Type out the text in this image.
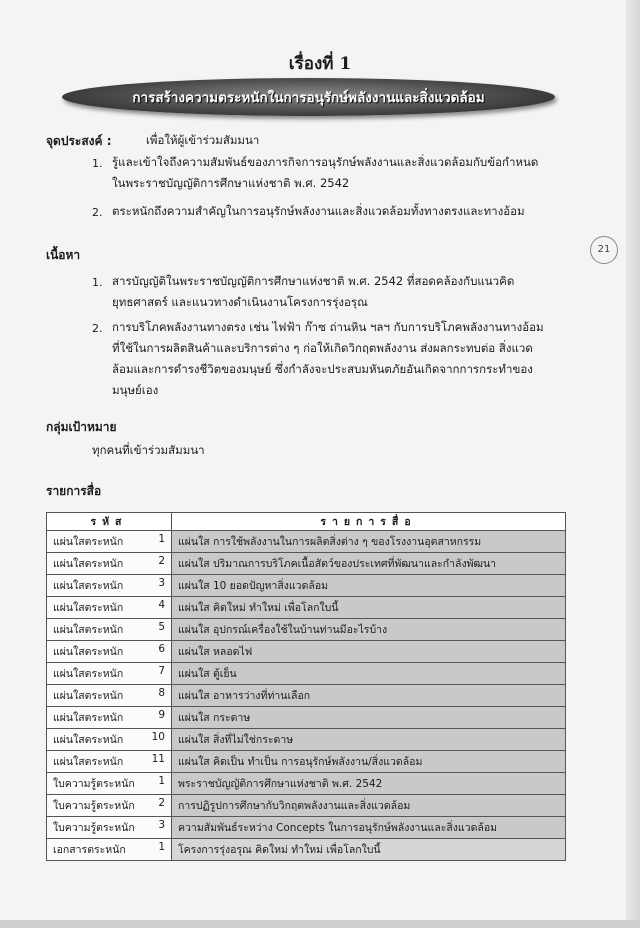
21
เรื่องที่ 1
การสร้างความตระหนักในการอนุรักษ์พลังงานและสิ่งแวดล้อม
จุดประสงค์ :	เพื่อให้ผู้เข้าร่วมสัมมนา
1. รู้และเข้าใจถึงความสัมพันธ์ของภารกิจการอนุรักษ์พลังงานและสิ่งแวดล้อมกับข้อกำหนด
ในพระราชบัญญัติการศึกษาแห่งชาติ พ.ศ. 2542
2. ตระหนักถึงความสำคัญในการอนุรักษ์พลังงานและสิ่งแวดล้อมทั้งทางตรงและทางอ้อม
เนื้อหา
1. สารบัญญัติในพระราชบัญญัติการศึกษาแห่งชาติ พ.ศ. 2542 ที่สอดคล้องกับแนวคิด
ยุทธศาสตร์ และแนวทางดำเนินงานโครงการรุ่งอรุณ
2. การบริโภคพลังงานทางตรง เช่น ไฟฟ้า ก๊าซ ถ่านหิน ฯลฯ กับการบริโภคพลังงานทางอ้อม
ที่ใช้ในการผลิตสินค้าและบริการต่าง ๆ ก่อให้เกิดวิกฤตพลังงาน ส่งผลกระทบต่อ สิ่งแวด
ล้อมและการดำรงชีวิตของมนุษย์ ซึ่งกำลังจะประสบมหันตภัยอันเกิดจากการกระทำของ
มนุษย์เอง
กลุ่มเป้าหมาย
ทุกคนที่เข้าร่วมสัมมนา
รายการสื่อ
รหัส	รายการสื่อ
แผ่นใสตระหนัก 1	แผ่นใส การใช้พลังงานในการผลิตสิ่งต่าง ๆ ของโรงงานอุตสาหกรรม
แผ่นใสตระหนัก 2	แผ่นใส ปริมาณการบริโภคเนื้อสัตว์ของประเทศที่พัฒนาและกำลังพัฒนา
แผ่นใสตระหนัก 3	แผ่นใส 10 ยอดปัญหาสิ่งแวดล้อม
แผ่นใสตระหนัก 4	แผ่นใส คิดใหม่ ทำใหม่ เพื่อโลกใบนี้
แผ่นใสตระหนัก 5	แผ่นใส อุปกรณ์เครื่องใช้ในบ้านท่านมีอะไรบ้าง
แผ่นใสตระหนัก 6	แผ่นใส หลอดไฟ
แผ่นใสตระหนัก 7	แผ่นใส ตู้เย็น
แผ่นใสตระหนัก 8	แผ่นใส อาหารว่างที่ท่านเลือก
แผ่นใสตระหนัก 9	แผ่นใส กระดาษ
แผ่นใสตระหนัก 10	แผ่นใส สิ่งที่ไม่ใช่กระดาษ
แผ่นใสตระหนัก 11	แผ่นใส คิดเป็น ทำเป็น การอนุรักษ์พลังงาน/สิ่งแวดล้อม
ใบความรู้ตระหนัก 1	พระราชบัญญัติการศึกษาแห่งชาติ พ.ศ. 2542
ใบความรู้ตระหนัก 2	การปฏิรูปการศึกษากับวิกฤตพลังงานและสิ่งแวดล้อม
ใบความรู้ตระหนัก 3	ความสัมพันธ์ระหว่าง Concepts ในการอนุรักษ์พลังงานและสิ่งแวดล้อม
เอกสารตระหนัก 1	โครงการรุ่งอรุณ คิดใหม่ ทำใหม่ เพื่อโลกใบนี้
